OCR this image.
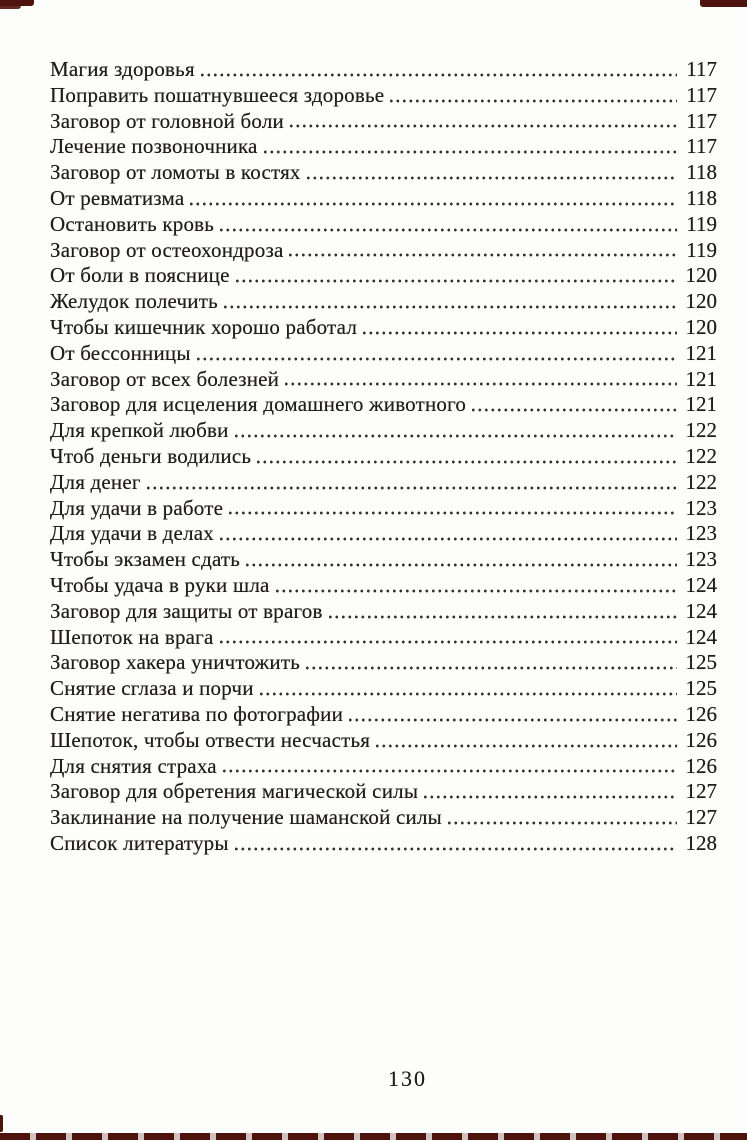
Магия здоровья	117
Поправить пошатнувшееся здоровье	117
Заговор от головной боли	117
Лечение позвоночника	117
Заговор от ломоты в костях	118
От ревматизма	118
Остановить кровь	119
Заговор от остеохондроза	119
От боли в пояснице	120
Желудок полечить	120
Чтобы кишечник хорошо работал	120
От бессонницы	121
Заговор от всех болезней	121
Заговор для исцеления домашнего животного	121
Для крепкой любви	122
Чтоб деньги водились	122
Для денег	122
Для удачи в работе	123
Для удачи в делах	123
Чтобы экзамен сдать	123
Чтобы удача в руки шла	124
Заговор для защиты от врагов	124
Шепоток на врага	124
Заговор хакера уничтожить	125
Снятие сглаза и порчи	125
Снятие негатива по фотографии	126
Шепоток, чтобы отвести несчастья	126
Для снятия страха	126
Заговор для обретения магической силы	127
Заклинание на получение шаманской силы	127
Список литературы	128
130
